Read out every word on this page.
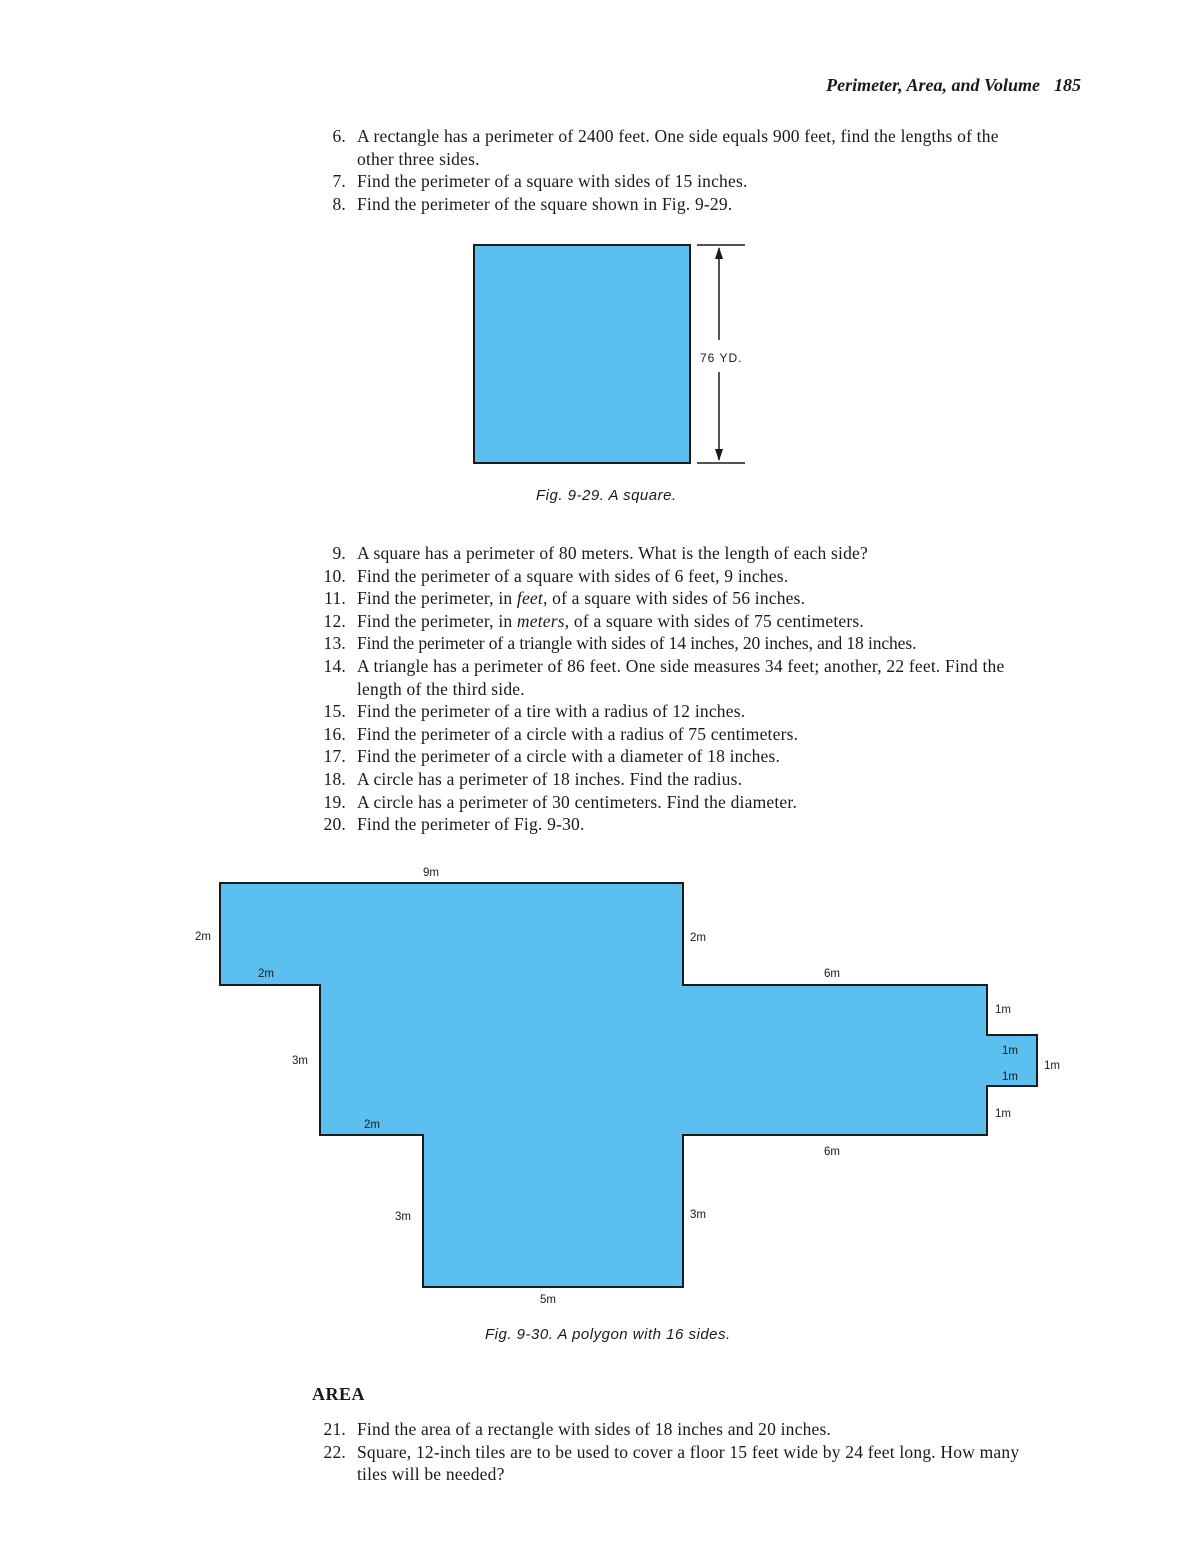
Perimeter, Area, and Volume 185
6. A rectangle has a perimeter of 2400 feet. One side equals 900 feet, find the lengths of the other three sides.
7. Find the perimeter of a square with sides of 15 inches.
8. Find the perimeter of the square shown in Fig. 9-29.
76 YD.
Fig. 9-29. A square.
9. A square has a perimeter of 80 meters. What is the length of each side?
10. Find the perimeter of a square with sides of 6 feet, 9 inches.
11. Find the perimeter, in feet, of a square with sides of 56 inches.
12. Find the perimeter, in meters, of a square with sides of 75 centimeters.
13. Find the perimeter of a triangle with sides of 14 inches, 20 inches, and 18 inches.
14. A triangle has a perimeter of 86 feet. One side measures 34 feet; another, 22 feet. Find the length of the third side.
15. Find the perimeter of a tire with a radius of 12 inches.
16. Find the perimeter of a circle with a radius of 75 centimeters.
17. Find the perimeter of a circle with a diameter of 18 inches.
18. A circle has a perimeter of 18 inches. Find the radius.
19. A circle has a perimeter of 30 centimeters. Find the diameter.
20. Find the perimeter of Fig. 9-30.
9m
2m
2m
3m
2m
2m
6m
1m
1m
1m
1m
1m
6m
3m	3m
5m
Fig. 9-30. A polygon with 16 sides.
AREA
21. Find the area of a rectangle with sides of 18 inches and 20 inches.
22. Square, 12-inch tiles are to be used to cover a floor 15 feet wide by 24 feet long. How many tiles will be needed?
